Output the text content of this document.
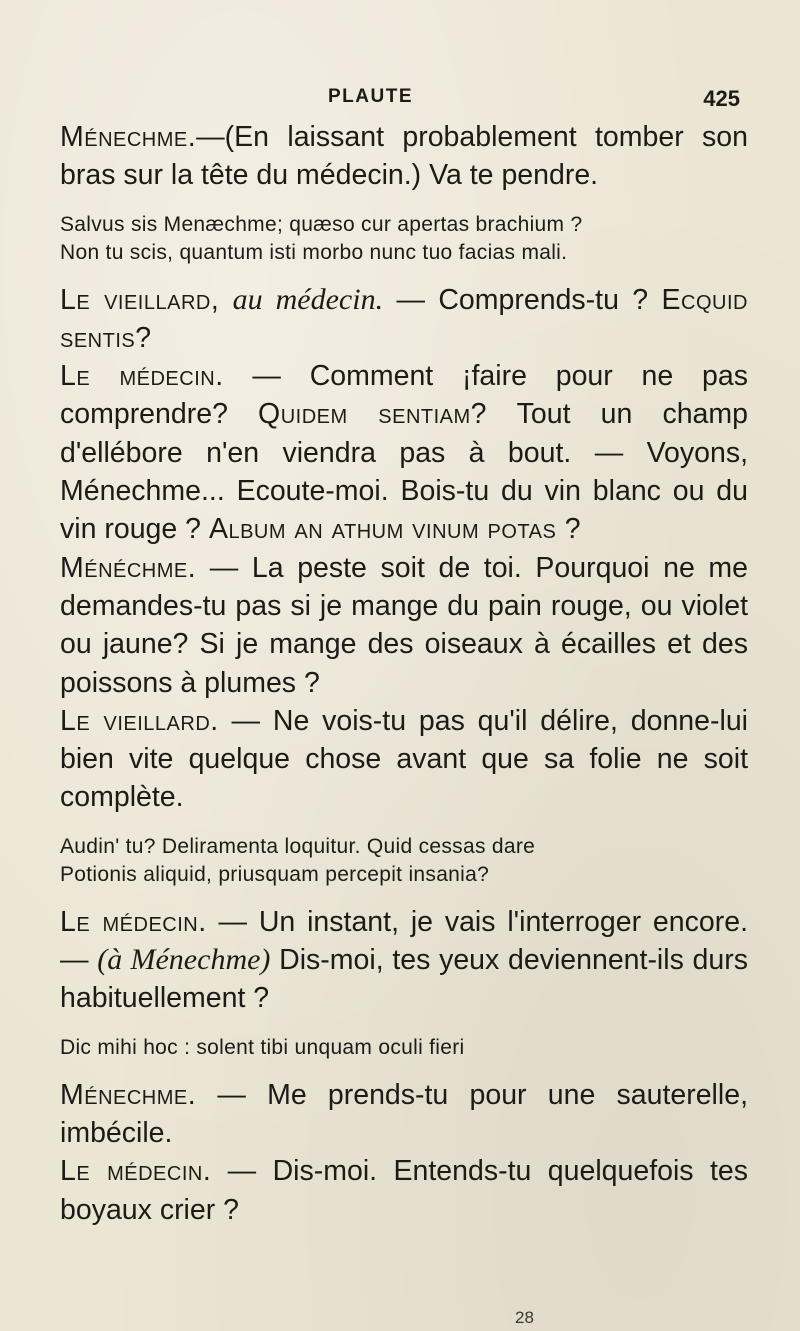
PLAUTE	425

Ménechme.—(En laissant probablement tomber son bras sur la tête du médecin.) Va te pendre.

Salvus sis Menæchme; quæso cur apertas brachium ?

Non tu scis, quantum isti morbo nunc tuo facias mali.

Le vieillard, au médecin. — Comprends-tu ? Ecquid sentis?

Le médecin. — Comment ¡faire pour ne pas comprendre? Quidem sentiam? Tout un champ d'ellébore n'en viendra pas à bout. — Voyons, Ménechme... Ecoute-moi. Bois-tu du vin blanc ou du vin rouge ? Album an athum vinum potas ?

Ménéchme. — La peste soit de toi. Pourquoi ne me demandes-tu pas si je mange du pain rouge, ou violet ou jaune? Si je mange des oiseaux à écailles et des poissons à plumes ?

Le vieillard. — Ne vois-tu pas qu'il délire, donne-lui bien vite quelque chose avant que sa folie ne soit complète.

Audin' tu? Deliramenta loquitur. Quid cessas dare

Potionis aliquid, priusquam percepit insania?

Le médecin. — Un instant, je vais l'interroger encore. — (à Ménechme) Dis-moi, tes yeux deviennent-ils durs habituellement ?

Dic mihi hoc : solent tibi unquam oculi fieri

Ménechme. — Me prends-tu pour une sauterelle, imbécile.

Le médecin. — Dis-moi. Entends-tu quelquefois tes boyaux crier ?

28
